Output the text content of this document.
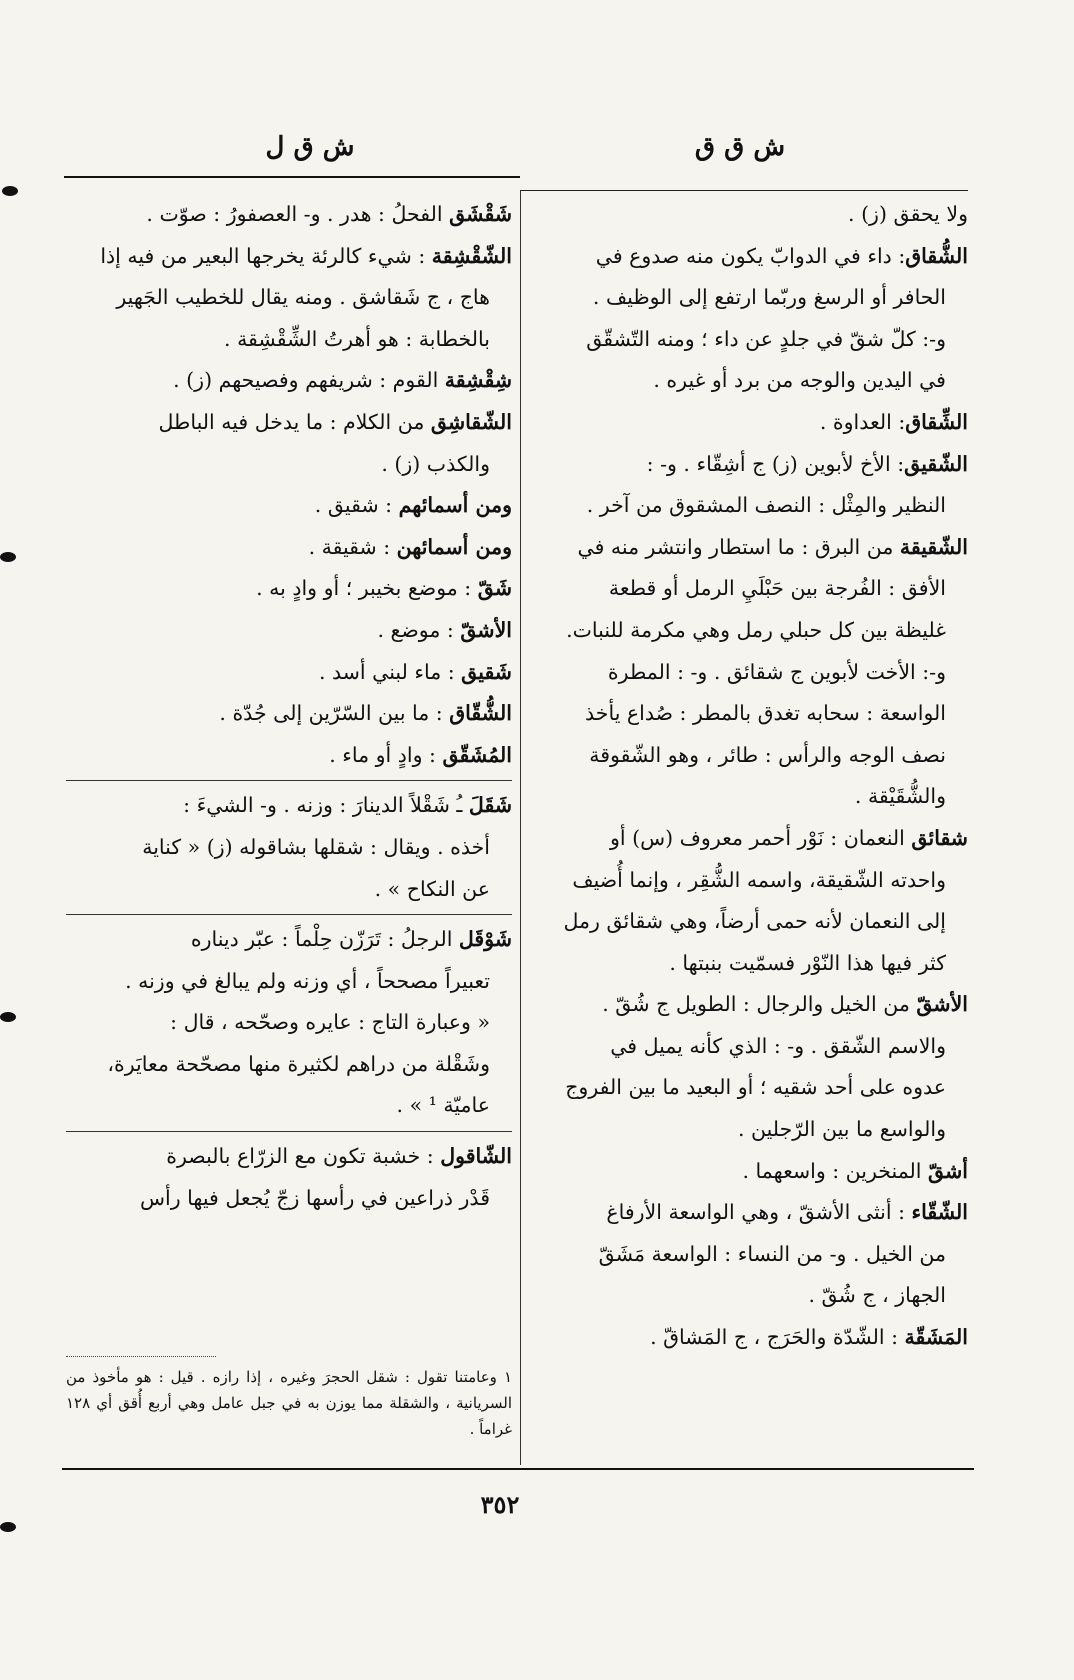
ش ق ق
ش ق ل
ولا يحقق (ز) .
الشُّقاق: داء في الدوابّ يكون منه صدوع في
الحافر أو الرسغ وربّما ارتفع إلى الوظيف .
و-: كلّ شقّ في جلدٍ عن داء ؛ ومنه التّشقّق
في اليدين والوجه من برد أو غيره .
الشِّقاق: العداوة .
الشّقيق: الأخ لأبوين (ز) ج أشِقّاء . و- :
النظير والمِثْل : النصف المشقوق من آخر .
الشّقيقة من البرق : ما استطار وانتشر منه في
الأفق : الفُرجة بين حَبْلَيِ الرمل أو قطعة
غليظة بين كل حبلي رمل وهي مكرمة للنبات.
و-: الأخت لأبوين ج شقائق . و- : المطرة
الواسعة : سحابه تغدق بالمطر : صُداع يأخذ
نصف الوجه والرأس : طائر ، وهو الشّقوقة
والشُّقَيْقة .
شقائق النعمان : نَوْر أحمر معروف (س) أو
واحدته الشّقيقة، واسمه الشُّقِر ، وإنما أُضيف
إلى النعمان لأنه حمى أرضاً، وهي شقائق رمل
كثر فيها هذا النّوْر فسمّيت بنبتها .
الأشقّ من الخيل والرجال : الطويل ج شُقّ .
والاسم الشّقق . و- : الذي كأنه يميل في
عدوه على أحد شقيه ؛ أو البعيد ما بين الفروج
والواسع ما بين الرّجلين .
أشقّ المنخرين : واسعهما .
الشّقّاء : أنثى الأشقّ ، وهي الواسعة الأرفاغ
من الخيل . و- من النساء : الواسعة مَشَقّ
الجهاز ، ج شُقّ .
المَشَقّة : الشّدّة والحَرَج ، ج المَشاقّ .
شَقْشَق الفحلُ : هدر . و- العصفورُ : صوّت .
الشّقْشِقة : شيء كالرئة يخرجها البعير من فيه إذا
هاج ، ج شَقاشق . ومنه يقال للخطيب الجَهير
بالخطابة : هو أهرتُ الشِّقْشِقة .
شِقْشِقة القوم : شريفهم وفصيحهم (ز) .
الشّقاشِق من الكلام : ما يدخل فيه الباطل
والكذب (ز) .
ومن أسمائهم : شقيق .
ومن أسمائهن : شقيقة .
شَقّ : موضع بخيبر ؛ أو وادٍ به .
الأشقّ : موضع .
شَقيق : ماء لبني أسد .
الشُّقّاق : ما بين السّرّين إلى جُدّة .
المُشَقّق : وادٍ أو ماء .
شَقَلَ ـُ شَقْلاً الدينارَ : وزنه . و- الشيءَ :
أخذه . ويقال : شقلها بشاقوله (ز) « كناية
عن النكاح » .
شَوْقَل الرجلُ : تَرَزّن حِلْماً : عبّر ديناره
تعبيراً مصححاً ، أي وزنه ولم يبالغ في وزنه .
« وعبارة التاج : عايره وصحّحه ، قال :
وشَقْلة من دراهم لكثيرة منها مصحّحة معايَرة،
عاميّة ¹ » .
الشّاقول : خشبة تكون مع الزرّاع بالبصرة
قَدْر ذراعين في رأسها زجّ يُجعل فيها رأس
١ وعامتنا تقول : شقل الحجرَ وغيره ، إذا رازه . قيل : هو مأخوذ من السريانية ، والشقلة مما يوزن به في جبل عامل وهي أربع أُقق أي ١٢٨ غراماً .
٣٥٢
